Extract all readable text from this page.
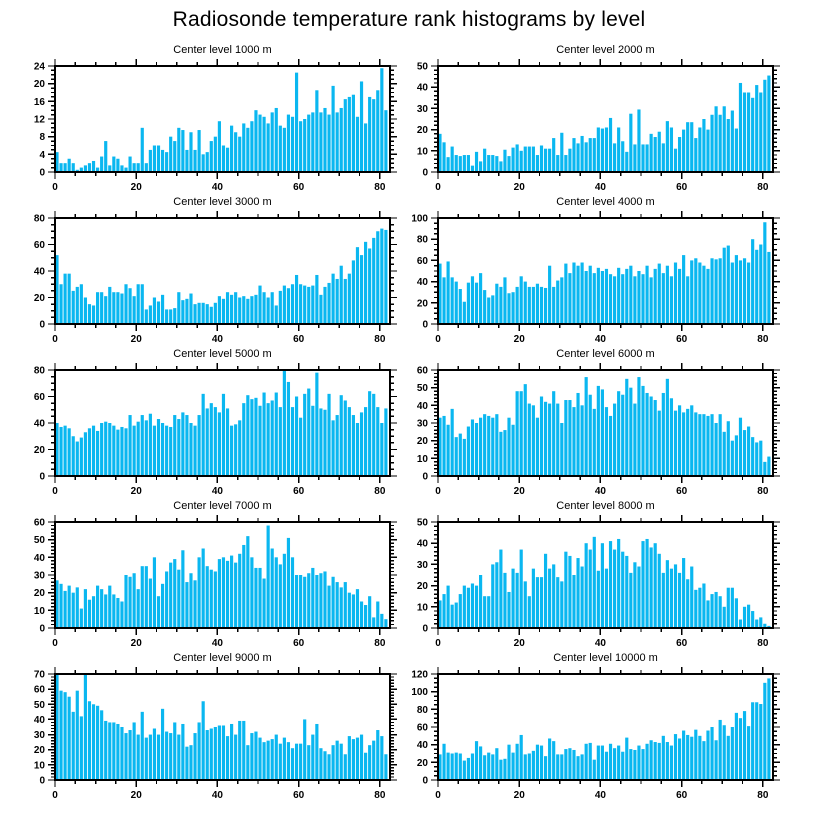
Radiosonde temperature rank histograms by level
Center level 1000 m
0
4
8
12
16
20
24
0	20	40	60	80
Center level 2000 m
0
10
20
30
40
50
0	20	40	60	80
Center level 3000 m
0
20
40
60
80
0	20	40	60	80
Center level 4000 m
0
20
40
60
80
100
0	20	40	60	80
Center level 5000 m
0
20
40
60
80
0	20	40	60	80
Center level 6000 m
0
10
20
30
40
50
60
0	20	40	60	80
Center level 7000 m
0
10
20
30
40
50
60
0	20	40	60	80
Center level 8000 m
0
10
20
30
40
50
0	20	40	60	80
Center level 9000 m
0
10
20
30
40
50
60
70
0	20	40	60	80
Center level 10000 m
0
20
40
60
80
100
120
0	20	40	60	80
